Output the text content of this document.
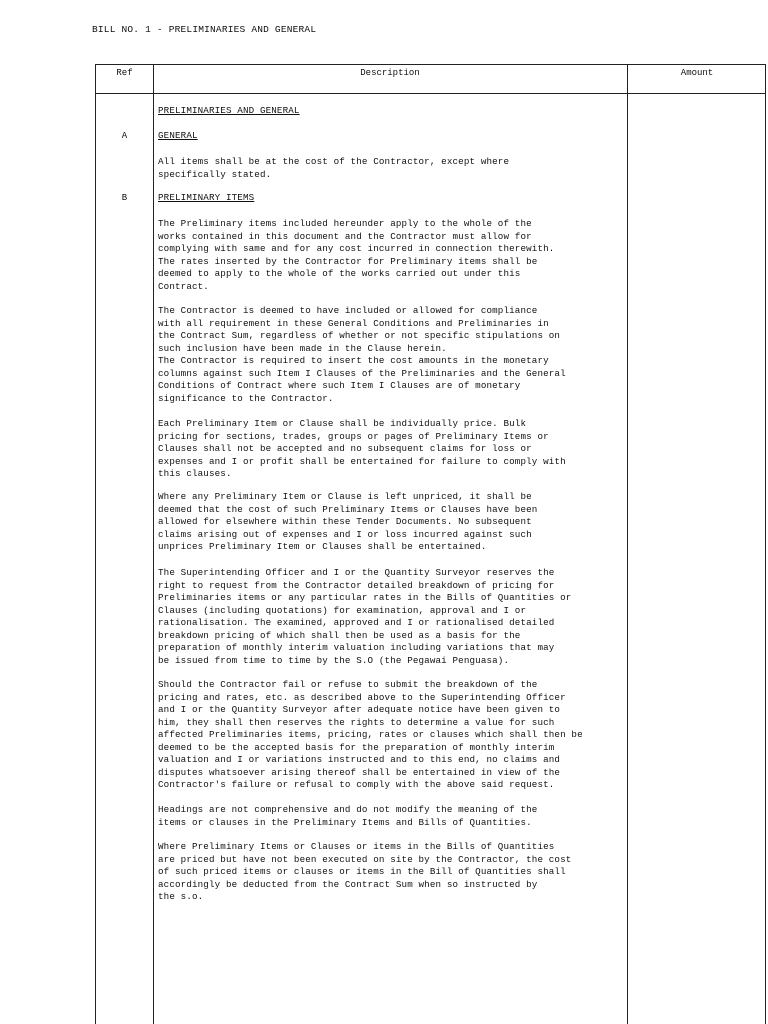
BILL NO. 1 - PRELIMINARIES AND GENERAL
Ref	Description	Amount
PRELIMINARIES AND GENERAL
A	GENERAL
All items shall be at the cost of the Contractor, except where
specifically stated.
B	PRELIMINARY ITEMS
The Preliminary items included hereunder apply to the whole of the
works contained in this document and the Contractor must allow for
complying with same and for any cost incurred in connection therewith.
The rates inserted by the Contractor for Preliminary items shall be
deemed to apply to the whole of the works carried out under this
Contract.
The Contractor is deemed to have included or allowed for compliance
with all requirement in these General Conditions and Preliminaries in
the Contract Sum, regardless of whether or not specific stipulations on
such inclusion have been made in the Clause herein.
The Contractor is required to insert the cost amounts in the monetary
columns against such Item I Clauses of the Preliminaries and the General
Conditions of Contract where such Item I Clauses are of monetary
significance to the Contractor.
Each Preliminary Item or Clause shall be individually price. Bulk
pricing for sections, trades, groups or pages of Preliminary Items or
Clauses shall not be accepted and no subsequent claims for loss or
expenses and I or profit shall be entertained for failure to comply with
this clauses.
Where any Preliminary Item or Clause is left unpriced, it shall be
deemed that the cost of such Preliminary Items or Clauses have been
allowed for elsewhere within these Tender Documents. No subsequent
claims arising out of expenses and I or loss incurred against such
unprices Preliminary Item or Clauses shall be entertained.
The Superintending Officer and I or the Quantity Surveyor reserves the
right to request from the Contractor detailed breakdown of pricing for
Preliminaries items or any particular rates in the Bills of Quantities or
Clauses (including quotations) for examination, approval and I or
rationalisation. The examined, approved and I or rationalised detailed
breakdown pricing of which shall then be used as a basis for the
preparation of monthly interim valuation including variations that may
be issued from time to time by the S.O (the Pegawai Penguasa).
Should the Contractor fail or refuse to submit the breakdown of the
pricing and rates, etc. as described above to the Superintending Officer
and I or the Quantity Surveyor after adequate notice have been given to
him, they shall then reserves the rights to determine a value for such
affected Preliminaries items, pricing, rates or clauses which shall then be
deemed to be the accepted basis for the preparation of monthly interim
valuation and I or variations instructed and to this end, no claims and
disputes whatsoever arising thereof shall be entertained in view of the
Contractor's failure or refusal to comply with the above said request.
Headings are not comprehensive and do not modify the meaning of the
items or clauses in the Preliminary Items and Bills of Quantities.
Where Preliminary Items or Clauses or items in the Bills of Quantities
are priced but have not been executed on site by the Contractor, the cost
of such priced items or clauses or items in the Bill of Quantities shall
accordingly be deducted from the Contract Sum when so instructed by
the s.o.
